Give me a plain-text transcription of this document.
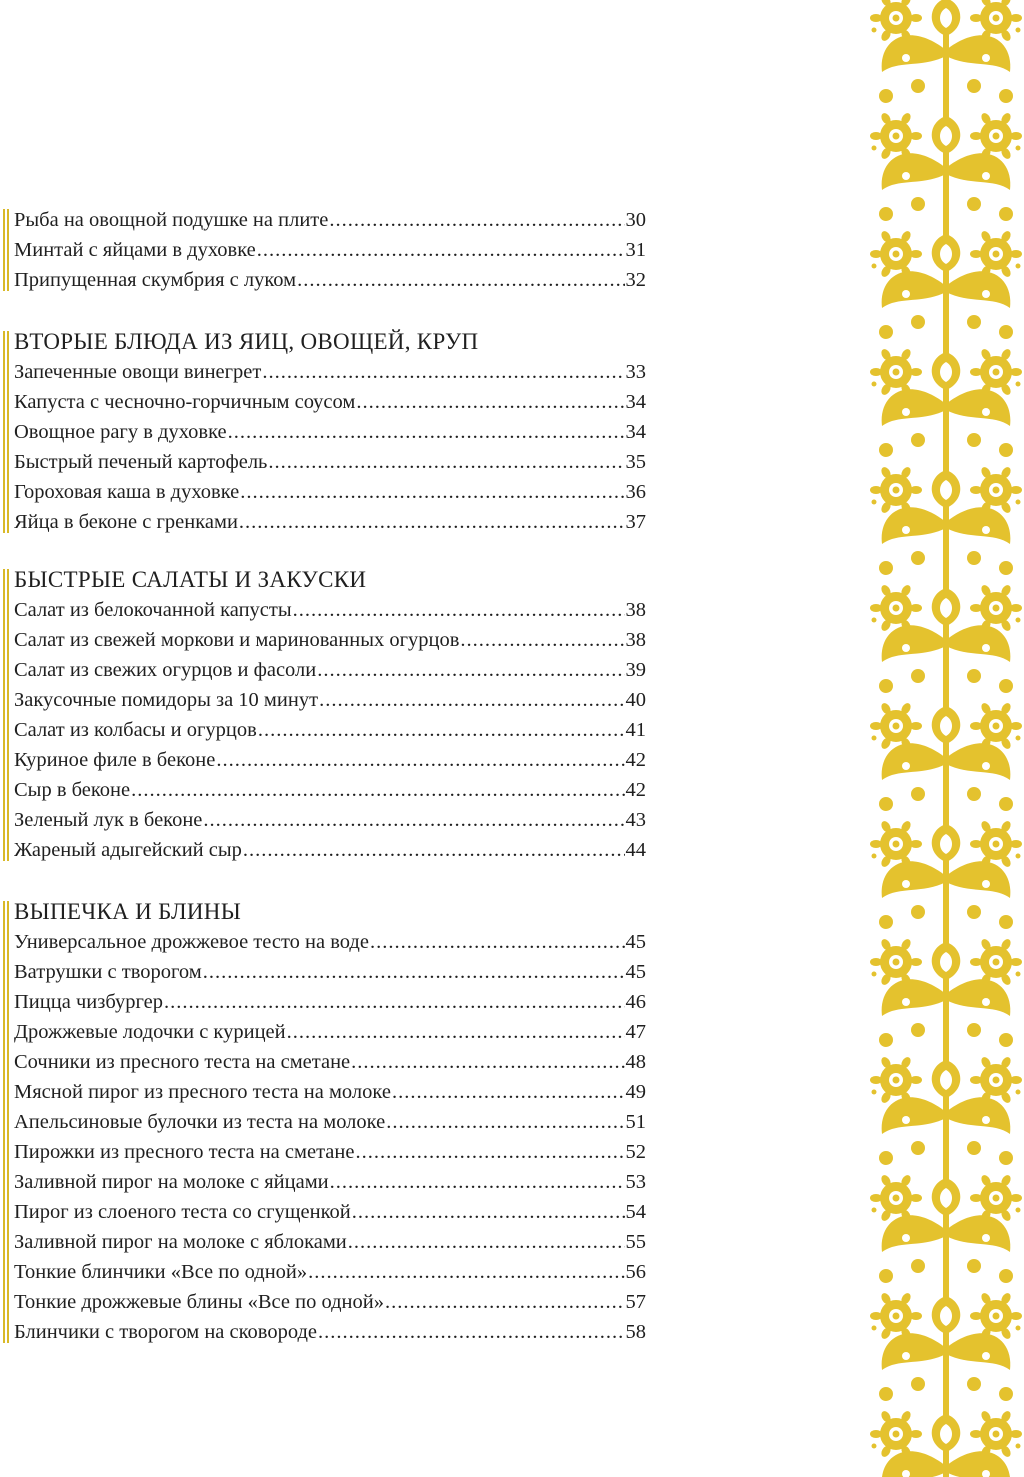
Рыба на овощной подушке на плите .....	30
Минтай с яйцами в духовке .....	31
Припущенная скумбрия с луком .....	32
ВТОРЫЕ БЛЮДА ИЗ ЯИЦ, ОВОЩЕЙ, КРУП
Запеченные овощи винегрет .....	33
Капуста с чесночно-горчичным соусом .....	34
Овощное рагу в духовке .....	34
Быстрый печеный картофель .....	35
Гороховая каша в духовке .....	36
Яйца в беконе с гренками .....	37
БЫСТРЫЕ САЛАТЫ И ЗАКУСКИ
Салат из белокочанной капусты .....	38
Салат из свежей моркови и маринованных огурцов .....	38
Салат из свежих огурцов и фасоли .....	39
Закусочные помидоры за 10 минут .....	40
Салат из колбасы и огурцов .....	41
Куриное филе в беконе .....	42
Сыр в беконе .....	42
Зеленый лук в беконе .....	43
Жареный адыгейский сыр .....	44
ВЫПЕЧКА И БЛИНЫ
Универсальное дрожжевое тесто на воде .....	45
Ватрушки с творогом .....	45
Пицца чизбургер .....	46
Дрожжевые лодочки с курицей .....	47
Сочники из пресного теста на сметане .....	48
Мясной пирог из пресного теста на молоке .....	49
Апельсиновые булочки из теста на молоке .....	51
Пирожки из пресного теста на сметане .....	52
Заливной пирог на молоке с яйцами .....	53
Пирог из слоеного теста со сгущенкой .....	54
Заливной пирог на молоке с яблоками .....	55
Тонкие блинчики «Все по одной» .....	56
Тонкие дрожжевые блины «Все по одной» .....	57
Блинчики с творогом на сковороде .....	58
